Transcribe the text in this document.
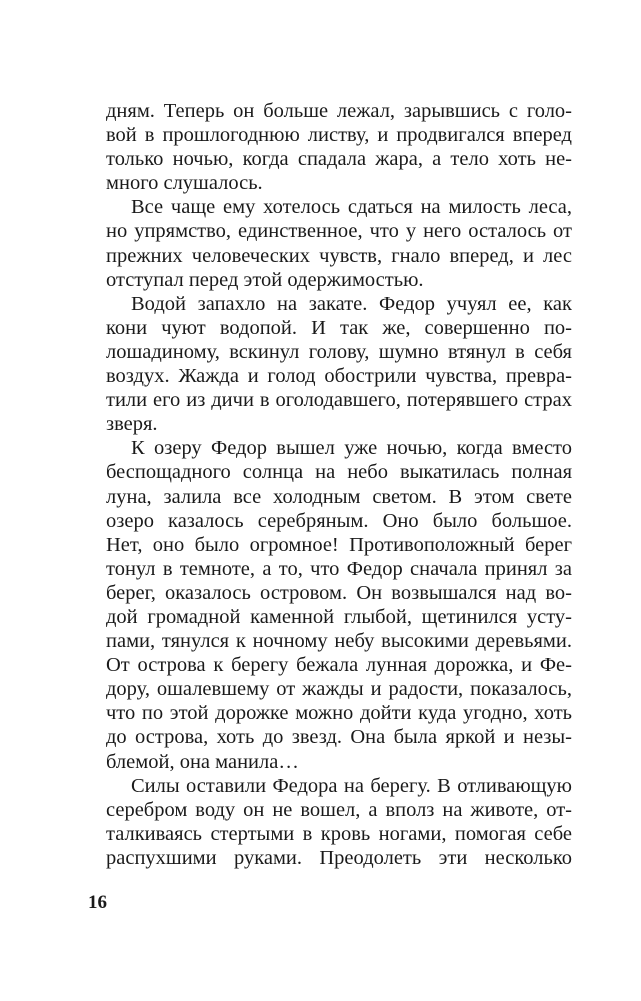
дням. Теперь он больше лежал, зарывшись с голо-
вой в прошлогоднюю листву, и продвигался вперед
только ночью, когда спадала жара, а тело хоть не-
много слушалось.
Все чаще ему хотелось сдаться на милость леса,
но упрямство, единственное, что у него осталось от
прежних человеческих чувств, гнало вперед, и лес
отступал перед этой одержимостью.
Водой запахло на закате. Федор учуял ее, как
кони чуют водопой. И так же, совершенно по-
лошадиному, вскинул голову, шумно втянул в себя
воздух. Жажда и голод обострили чувства, превра-
тили его из дичи в оголодавшего, потерявшего страх
зверя.
К озеру Федор вышел уже ночью, когда вместо
беспощадного солнца на небо выкатилась полная
луна, залила все холодным светом. В этом свете
озеро казалось серебряным. Оно было большое.
Нет, оно было огромное! Противоположный берег
тонул в темноте, а то, что Федор сначала принял за
берег, оказалось островом. Он возвышался над во-
дой громадной каменной глыбой, щетинился усту-
пами, тянулся к ночному небу высокими деревьями.
От острова к берегу бежала лунная дорожка, и Фе-
дору, ошалевшему от жажды и радости, показалось,
что по этой дорожке можно дойти куда угодно, хоть
до острова, хоть до звезд. Она была яркой и незы-
блемой, она манила…
Силы оставили Федора на берегу. В отливающую
серебром воду он не вошел, а вполз на животе, от-
талкиваясь стертыми в кровь ногами, помогая себе
распухшими руками. Преодолеть эти несколько
16
